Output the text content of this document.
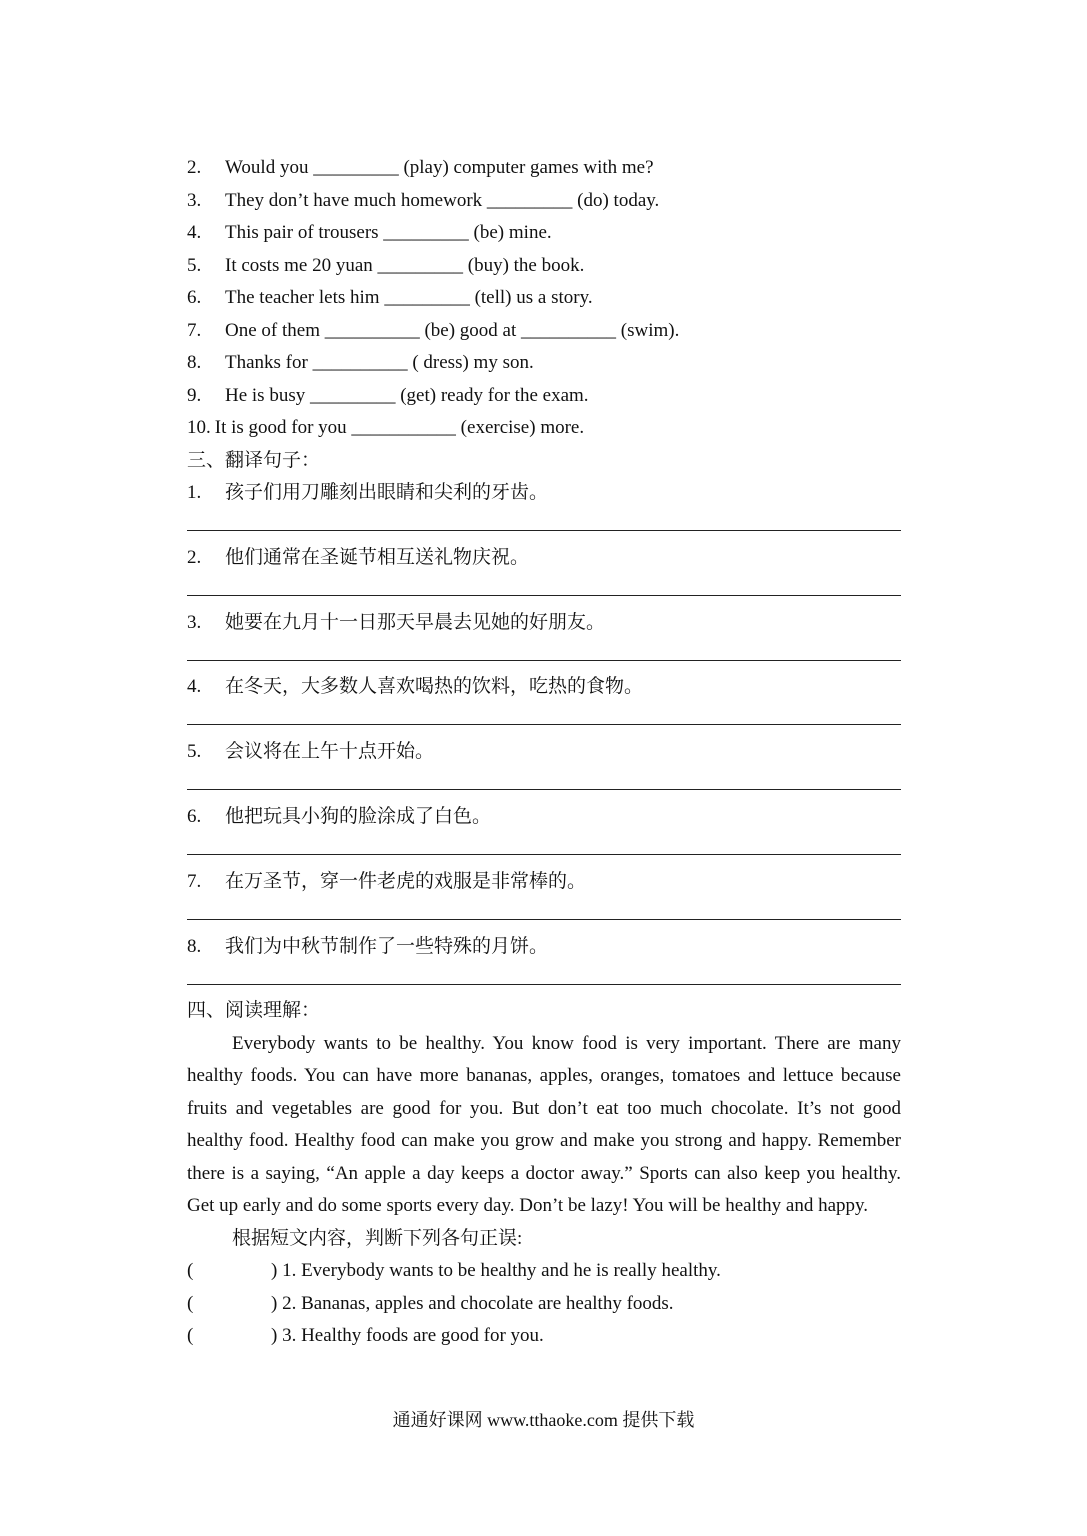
2.	Would you _________ (play) computer games with me?
3.	They don’t have much homework _________ (do) today.
4.	This pair of trousers _________ (be) mine.
5.	It costs me 20 yuan _________ (buy) the book.
6.	The teacher lets him _________ (tell) us a story.
7.	One of them __________ (be) good at __________ (swim).
8.	Thanks for __________ ( dress) my son.
9.	He is busy _________ (get) ready for the exam.
10. It is good for you ___________ (exercise) more.
三、翻译句子：
1.	孩子们用刀雕刻出眼睛和尖利的牙齿。
2.	他们通常在圣诞节相互送礼物庆祝。
3.	她要在九月十一日那天早晨去见她的好朋友。
4.	在冬天，大多数人喜欢喝热的饮料，吃热的食物。
5.	会议将在上午十点开始。
6.	他把玩具小狗的脸涂成了白色。
7.	在万圣节，穿一件老虎的戏服是非常棒的。
8.	我们为中秋节制作了一些特殊的月饼。
四、阅读理解：

Everybody wants to be healthy. You know food is very important. There are many healthy foods. You can have more bananas, apples, oranges, tomatoes and lettuce because fruits and vegetables are good for you. But don’t eat too much chocolate. It’s not good healthy food. Healthy food can make you grow and make you strong and happy. Remember there is a saying, “An apple a day keeps a doctor away.” Sports can also keep you healthy. Get up early and do some sports every day. Don’t be lazy! You will be healthy and happy.

根据短文内容，判断下列各句正误:
(	) 1. Everybody wants to be healthy and he is really healthy.
(	) 2. Bananas, apples and chocolate are healthy foods.
(	) 3. Healthy foods are good for you.
通通好课网 www.tthaoke.com 提供下载
